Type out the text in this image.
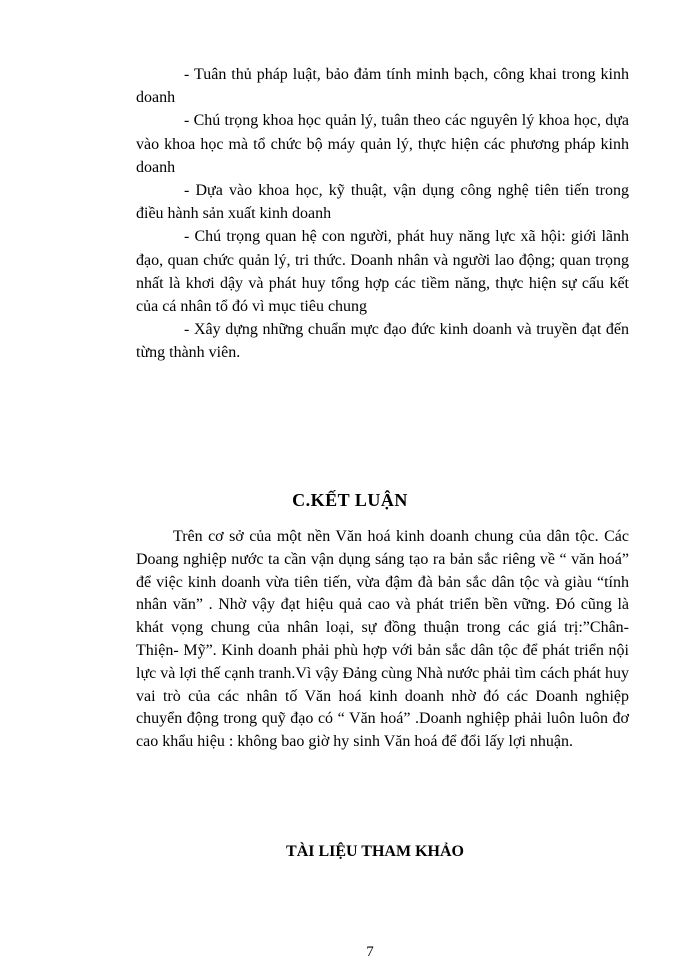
- Tuân thủ pháp luật, bảo đảm tính minh bạch, công khai trong kinh doanh

- Chú trọng khoa học quản lý, tuân theo các nguyên lý khoa học, dựa vào khoa học mà tổ chức bộ máy quản lý, thực hiện các phương pháp kinh doanh

- Dựa vào khoa học, kỹ thuật, vận dụng công nghệ tiên tiến trong điều hành sản xuất kinh doanh

- Chú trọng quan hệ con người, phát huy năng lực xã hội: giới lãnh đạo, quan chức quản lý, tri thức. Doanh nhân và người lao động; quan trọng nhất là khơi dậy và phát huy tổng hợp các tiềm năng, thực hiện sự cấu kết của cá nhân tổ đó vì mục tiêu chung

- Xây dựng những chuẩn mực đạo đức kinh doanh và truyền đạt đến từng thành viên.

C.KẾT LUẬN

Trên cơ sở của một nền Văn hoá kinh doanh chung của dân tộc. Các Doang nghiệp nước ta cần vận dụng sáng tạo ra bản sắc riêng về “ văn hoá” để việc kinh doanh vừa tiên tiến, vừa đậm đà bản sắc dân tộc và giàu “tính nhân văn” . Nhờ vậy đạt hiệu quả cao và phát triển bền vững. Đó cũng là khát vọng chung của nhân loại, sự đồng thuận trong các giá trị:”Chân- Thiện- Mỹ”. Kinh doanh phải phù hợp với bản sắc dân tộc để phát triển nội lực và lợi thế cạnh tranh.Vì vậy Đảng cùng Nhà nước phải tìm cách phát huy vai trò của các nhân tố Văn hoá kinh doanh nhờ đó các Doanh nghiệp chuyển động trong quỹ đạo có “ Văn hoá” .Doanh nghiệp phải luôn luôn đơ cao khẩu hiệu : không bao giờ hy sinh Văn hoá để đổi lấy lợi nhuận.

TÀI LIỆU THAM KHẢO
7
